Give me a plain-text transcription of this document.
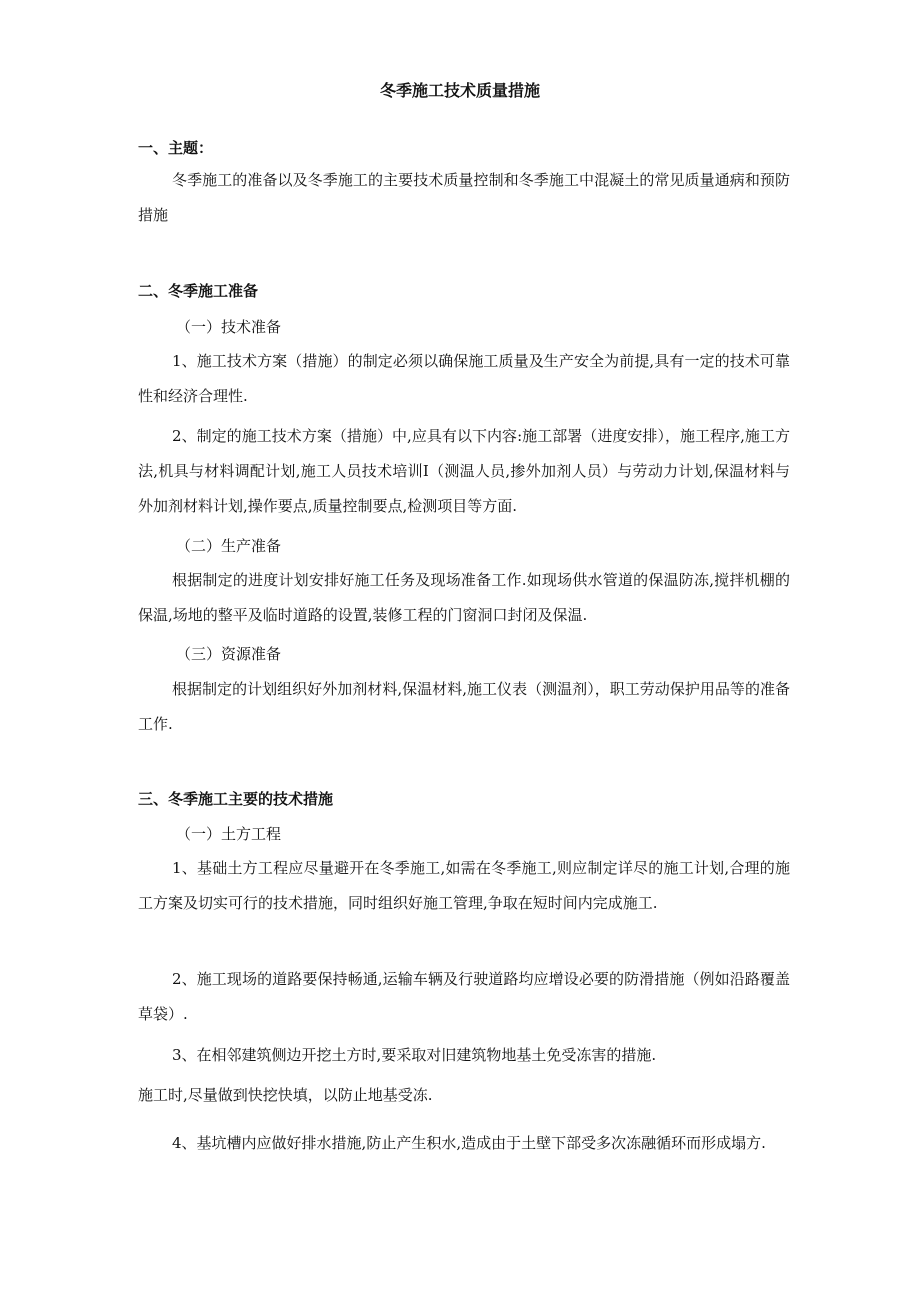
冬季施工技术质量措施
一、主题：
冬季施工的准备以及冬季施工的主要技术质量控制和冬季施工中混凝土的常见质量通病和预防措施
二、冬季施工准备
（一）技术准备
1、施工技术方案（措施）的制定必须以确保施工质量及生产安全为前提,具有一定的技术可靠性和经济合理性.
2、制定的施工技术方案（措施）中,应具有以下内容:施工部署（进度安排），施工程序,施工方法,机具与材料调配计划,施工人员技术培训Ⅰ（测温人员,掺外加剂人员）与劳动力计划,保温材料与外加剂材料计划,操作要点,质量控制要点,检测项目等方面.
（二）生产准备
根据制定的进度计划安排好施工任务及现场准备工作.如现场供水管道的保温防冻,搅拌机棚的保温,场地的整平及临时道路的设置,装修工程的门窗洞口封闭及保温.
（三）资源准备
根据制定的计划组织好外加剂材料,保温材料,施工仪表（测温剂），职工劳动保护用品等的准备工作.
三、冬季施工主要的技术措施
（一）土方工程
1、基础土方工程应尽量避开在冬季施工,如需在冬季施工,则应制定详尽的施工计划,合理的施工方案及切实可行的技术措施，同时组织好施工管理,争取在短时间内完成施工.
2、施工现场的道路要保持畅通,运输车辆及行驶道路均应增设必要的防滑措施（例如沿路覆盖草袋）.
3、在相邻建筑侧边开挖土方时,要采取对旧建筑物地基土免受冻害的措施.
施工时,尽量做到快挖快填，以防止地基受冻.
4、基坑槽内应做好排水措施,防止产生积水,造成由于土壁下部受多次冻融循环而形成塌方.
